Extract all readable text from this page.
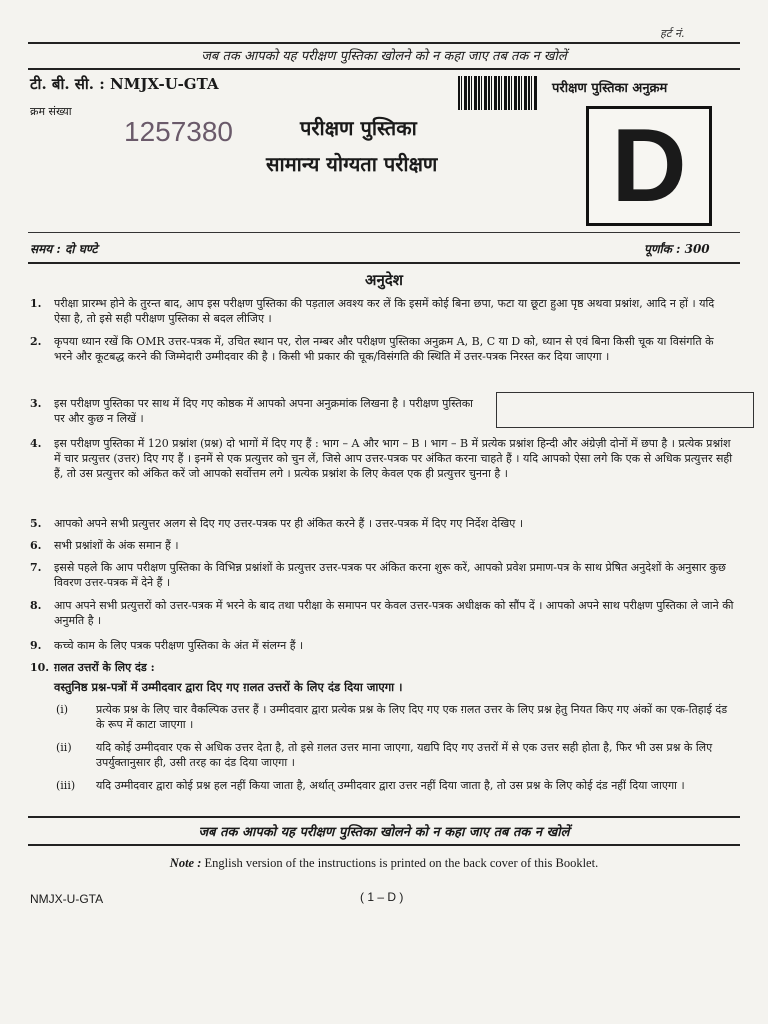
हर्ट नं.
जब तक आपको यह परीक्षण पुस्तिका खोलने को न कहा जाए तब तक न खोलें
टी. बी. सी. : NMJX-U-GTA	परीक्षण पुस्तिका अनुक्रम
क्रम संख्या
1257380	परीक्षण पुस्तिका
सामान्य योग्यता परीक्षण D
समय : दो घण्टे	पूर्णांक : 300
अनुदेश
1. परीक्षा प्रारम्भ होने के तुरन्त बाद, आप इस परीक्षण पुस्तिका की पड़ताल अवश्य कर लें कि इसमें कोई बिना छपा, फटा या छूटा हुआ पृष्ठ अथवा प्रश्नांश, आदि न हों । यदि ऐसा है, तो इसे सही परीक्षण पुस्तिका से बदल लीजिए ।
2. कृपया ध्यान रखें कि OMR उत्तर-पत्रक में, उचित स्थान पर, रोल नम्बर और परीक्षण पुस्तिका अनुक्रम A, B, C या D को, ध्यान से एवं बिना किसी चूक या विसंगति के भरने और कूटबद्ध करने की जिम्मेदारी उम्मीदवार की है । किसी भी प्रकार की चूक/विसंगति की स्थिति में उत्तर-पत्रक निरस्त कर दिया जाएगा ।
3. इस परीक्षण पुस्तिका पर साथ में दिए गए कोष्ठक में आपको अपना अनुक्रमांक लिखना है । परीक्षण पुस्तिका पर और कुछ न लिखें ।
4. इस परीक्षण पुस्तिका में 120 प्रश्नांश (प्रश्न) दो भागों में दिए गए हैं : भाग – A और भाग – B । भाग – B में प्रत्येक प्रश्नांश हिन्दी और अंग्रेज़ी दोनों में छपा है । प्रत्येक प्रश्नांश में चार प्रत्युत्तर (उत्तर) दिए गए हैं । इनमें से एक प्रत्युत्तर को चुन लें, जिसे आप उत्तर-पत्रक पर अंकित करना चाहते हैं । यदि आपको ऐसा लगे कि एक से अधिक प्रत्युत्तर सही हैं, तो उस प्रत्युत्तर को अंकित करें जो आपको सर्वोत्तम लगे । प्रत्येक प्रश्नांश के लिए केवल एक ही प्रत्युत्तर चुनना है ।
5. आपको अपने सभी प्रत्युत्तर अलग से दिए गए उत्तर-पत्रक पर ही अंकित करने हैं । उत्तर-पत्रक में दिए गए निर्देश देखिए ।
6. सभी प्रश्नांशों के अंक समान हैं ।
7. इससे पहले कि आप परीक्षण पुस्तिका के विभिन्न प्रश्नांशों के प्रत्युत्तर उत्तर-पत्रक पर अंकित करना शुरू करें, आपको प्रवेश प्रमाण-पत्र के साथ प्रेषित अनुदेशों के अनुसार कुछ विवरण उत्तर-पत्रक में देने हैं ।
8. आप अपने सभी प्रत्युत्तरों को उत्तर-पत्रक में भरने के बाद तथा परीक्षा के समापन पर केवल उत्तर-पत्रक अधीक्षक को सौंप दें । आपको अपने साथ परीक्षण पुस्तिका ले जाने की अनुमति है ।
9. कच्चे काम के लिए पत्रक परीक्षण पुस्तिका के अंत में संलग्न हैं ।
10. ग़लत उत्तरों के लिए दंड :
वस्तुनिष्ठ प्रश्न-पत्रों में उम्मीदवार द्वारा दिए गए ग़लत उत्तरों के लिए दंड दिया जाएगा ।
(i)	प्रत्येक प्रश्न के लिए चार वैकल्पिक उत्तर हैं । उम्मीदवार द्वारा प्रत्येक प्रश्न के लिए दिए गए एक ग़लत उत्तर के लिए प्रश्न हेतु नियत किए गए अंकों का एक-तिहाई दंड के रूप में काटा जाएगा ।
(ii) यदि कोई उम्मीदवार एक से अधिक उत्तर देता है, तो इसे ग़लत उत्तर माना जाएगा, यद्यपि दिए गए उत्तरों में से एक उत्तर सही होता है, फिर भी उस प्रश्न के लिए उपर्युक्तानुसार ही, उसी तरह का दंड दिया जाएगा ।
(iii) यदि उम्मीदवार द्वारा कोई प्रश्न हल नहीं किया जाता है, अर्थात् उम्मीदवार द्वारा उत्तर नहीं दिया जाता है, तो उस प्रश्न के लिए कोई दंड नहीं दिया जाएगा ।
जब तक आपको यह परीक्षण पुस्तिका खोलने को न कहा जाए तब तक न खोलें
Note : English version of the instructions is printed on the back cover of this Booklet.
NMJX-U-GTA	( 1 – D )
